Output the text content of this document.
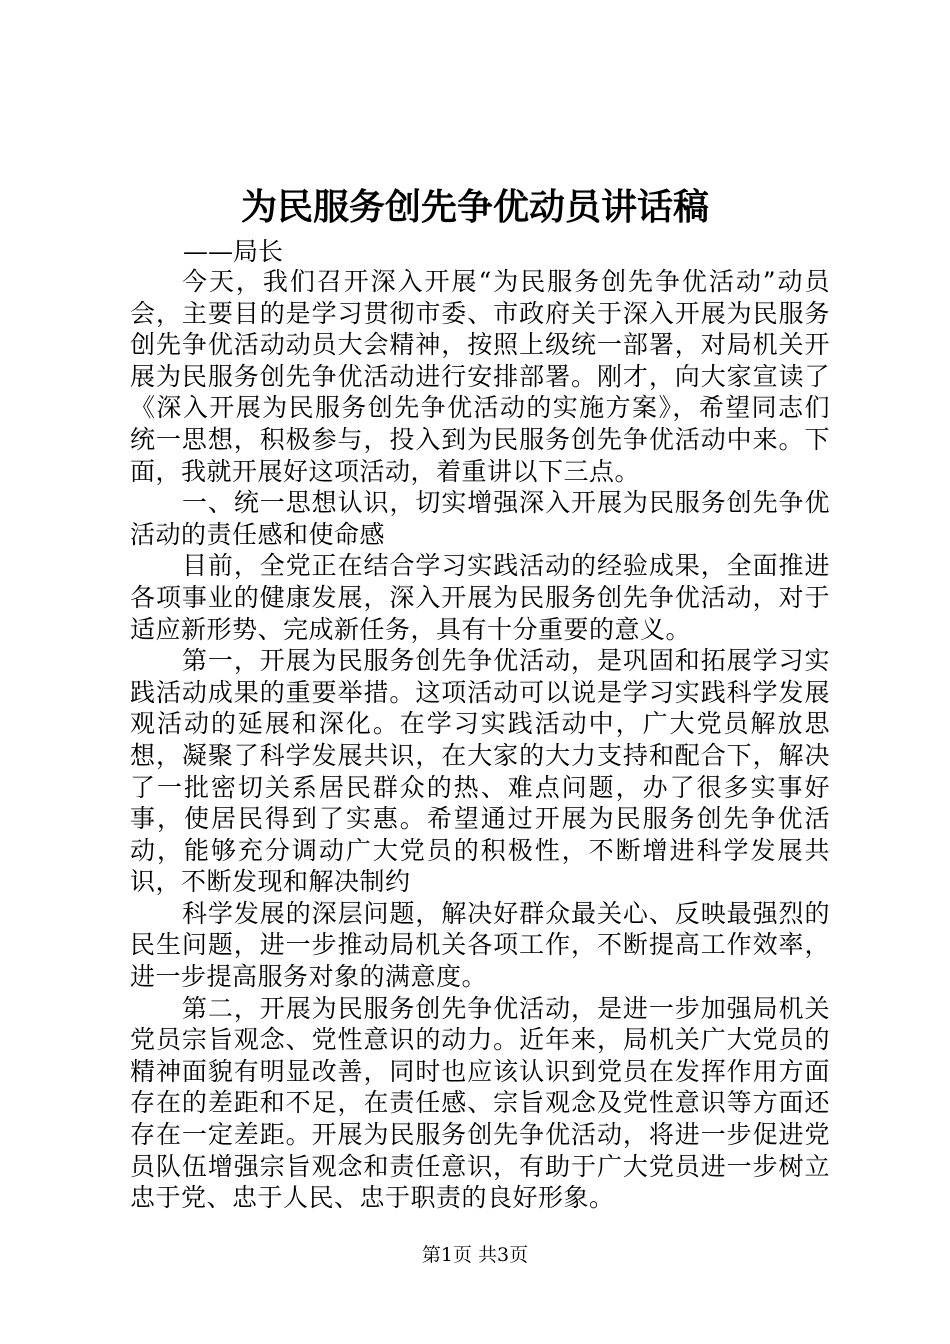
为民服务创先争优动员讲话稿
——局长

今天，我们召开深入开展“为民服务创先争优活动”动员会，主要目的是学习贯彻市委、市政府关于深入开展为民服务创先争优活动动员大会精神，按照上级统一部署，对局机关开展为民服务创先争优活动进行安排部署。刚才，向大家宣读了《深入开展为民服务创先争优活动的实施方案》，希望同志们统一思想，积极参与，投入到为民服务创先争优活动中来。下面，我就开展好这项活动，着重讲以下三点。

一、统一思想认识，切实增强深入开展为民服务创先争优活动的责任感和使命感

目前，全党正在结合学习实践活动的经验成果，全面推进各项事业的健康发展，深入开展为民服务创先争优活动，对于适应新形势、完成新任务，具有十分重要的意义。

第一，开展为民服务创先争优活动，是巩固和拓展学习实践活动成果的重要举措。这项活动可以说是学习实践科学发展观活动的延展和深化。在学习实践活动中，广大党员解放思想，凝聚了科学发展共识，在大家的大力支持和配合下，解决了一批密切关系居民群众的热、难点问题，办了很多实事好事，使居民得到了实惠。希望通过开展为民服务创先争优活动，能够充分调动广大党员的积极性，不断增进科学发展共识，不断发现和解决制约

科学发展的深层问题，解决好群众最关心、反映最强烈的民生问题，进一步推动局机关各项工作，不断提高工作效率，进一步提高服务对象的满意度。

第二，开展为民服务创先争优活动，是进一步加强局机关党员宗旨观念、党性意识的动力。近年来，局机关广大党员的精神面貌有明显改善，同时也应该认识到党员在发挥作用方面存在的差距和不足，在责任感、宗旨观念及党性意识等方面还存在一定差距。开展为民服务创先争优活动，将进一步促进党员队伍增强宗旨观念和责任意识，有助于广大党员进一步树立忠于党、忠于人民、忠于职责的良好形象。

第1页 共3页
